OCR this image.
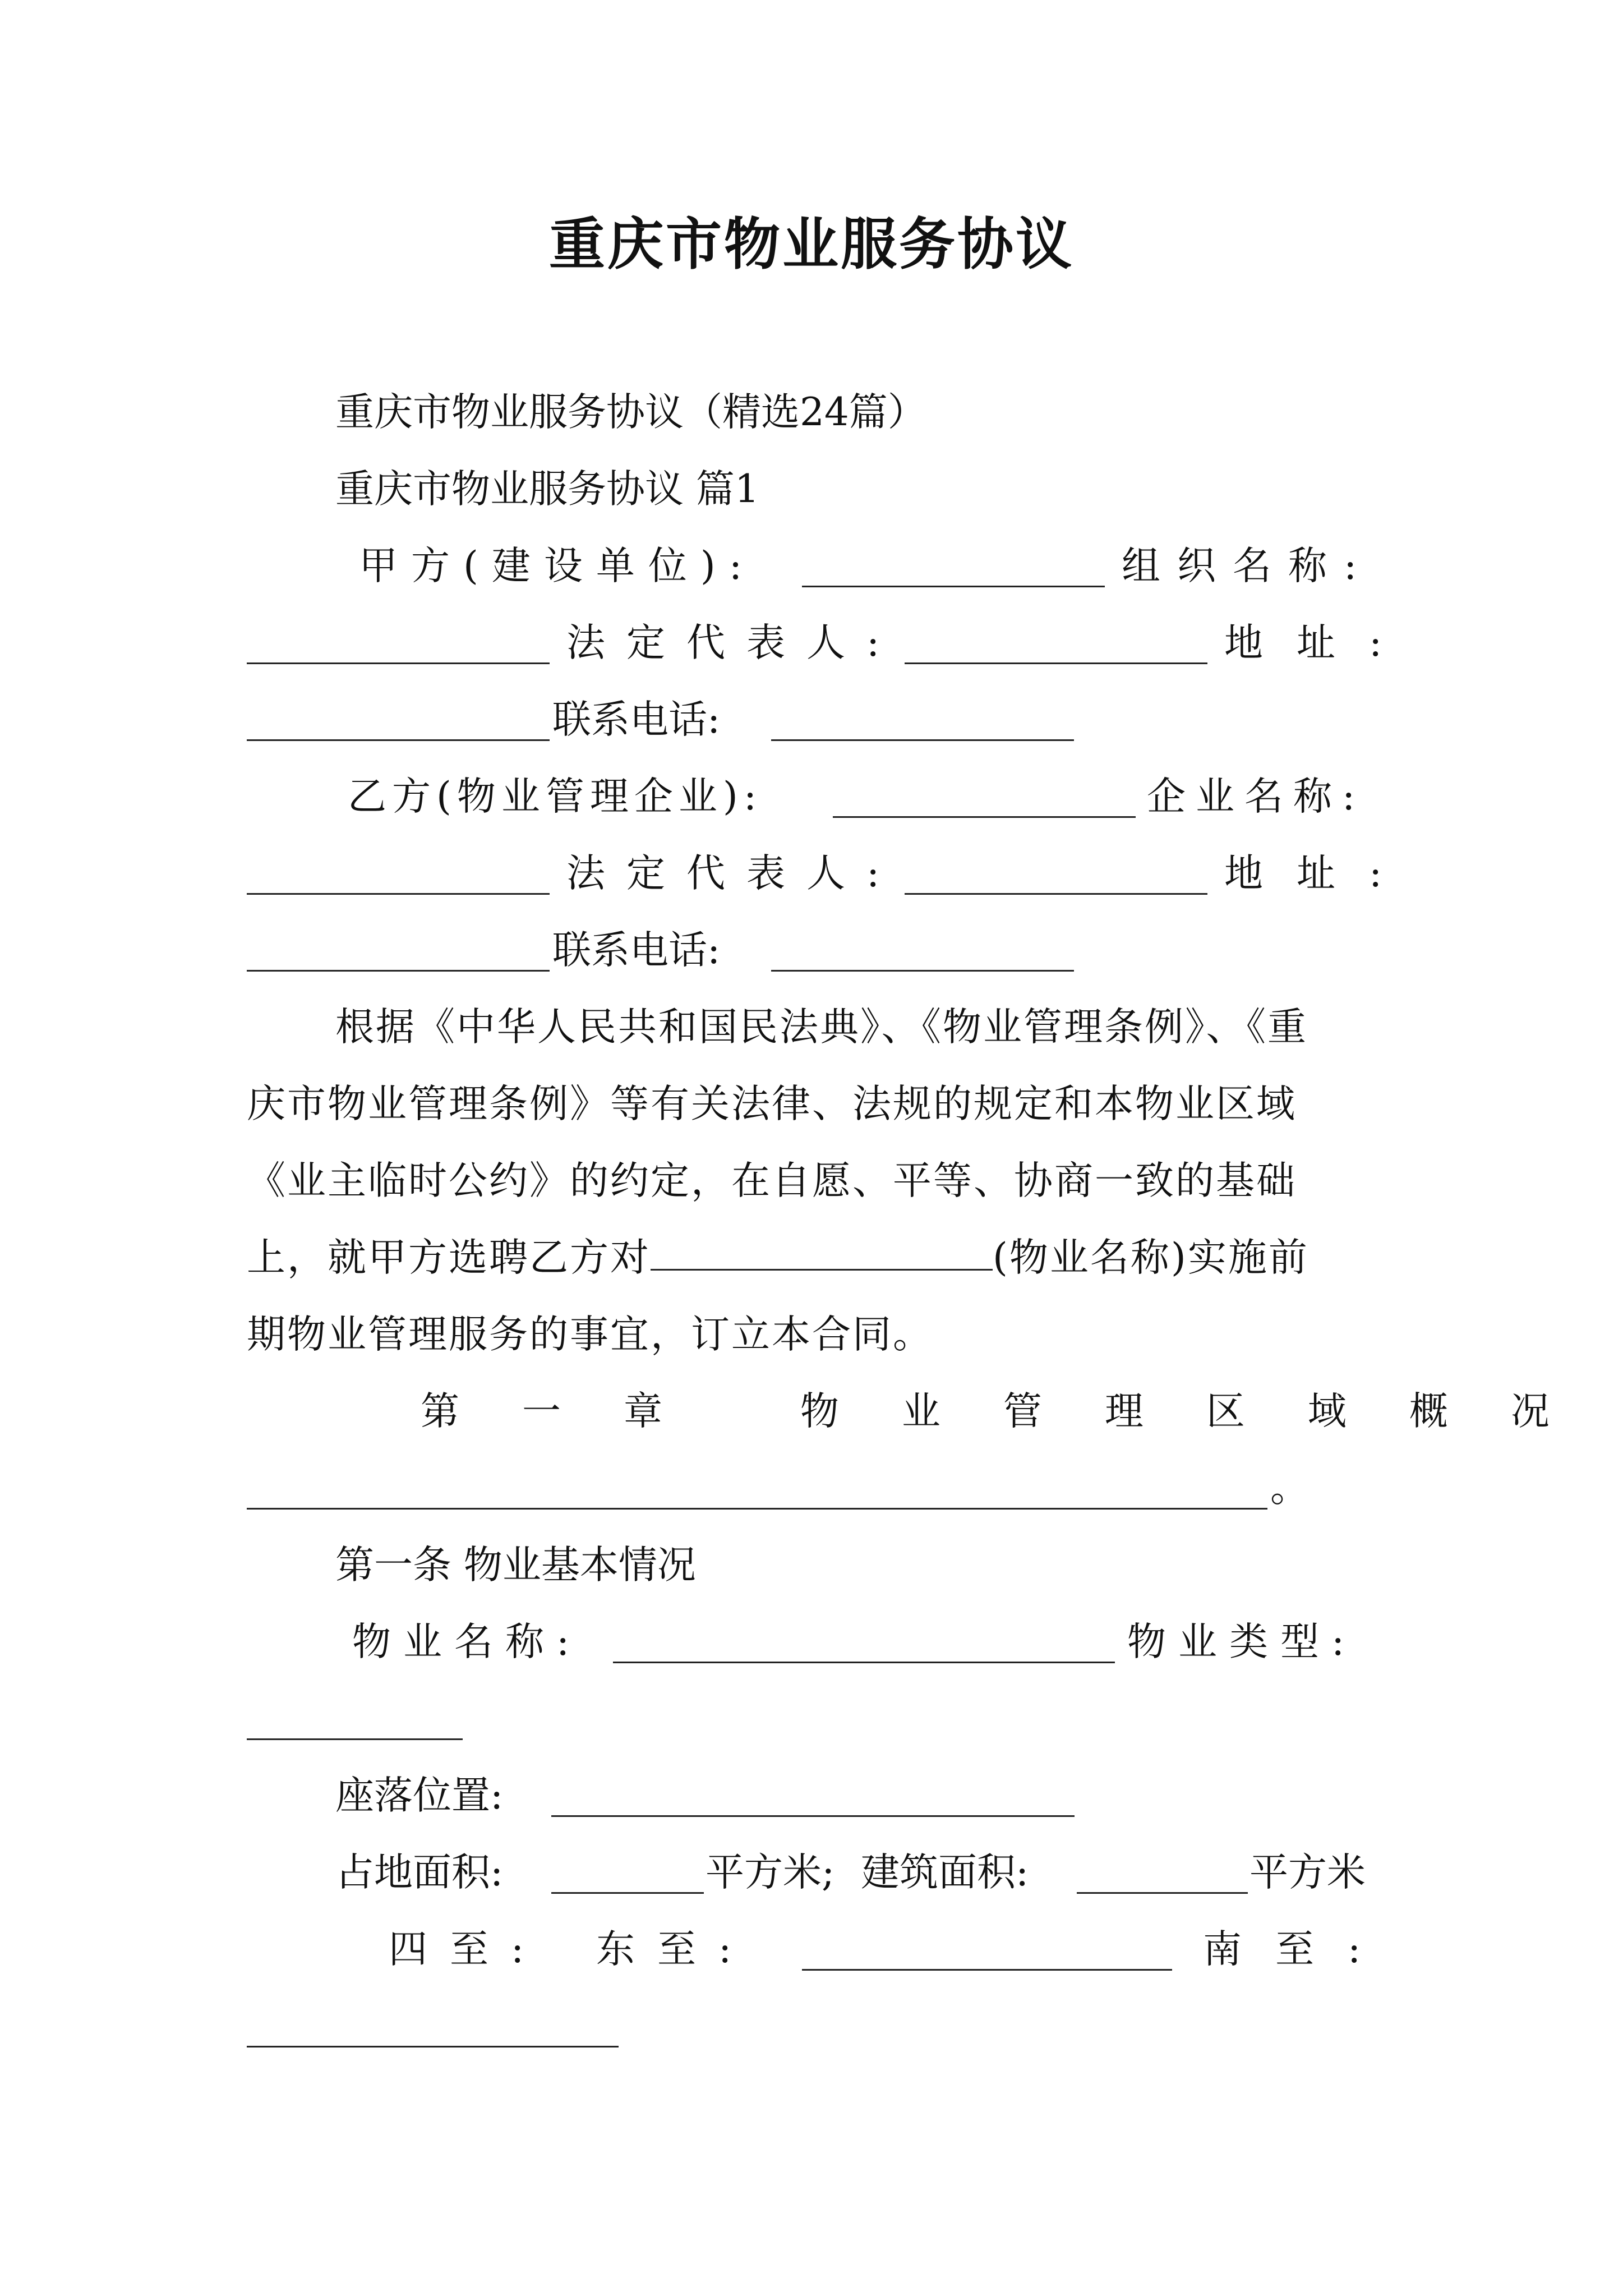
重庆市物业服务协议
重庆市物业服务协议（精选24篇）
重庆市物业服务协议 篇1
甲方(建设单位):	组织名称:
法定代表人:	地址:
联系电话:
乙方(物业管理企业):	企业名称:
法定代表人:	地址:
联系电话:
根据《中华人民共和国民法典》、《物业管理条例》、《重
庆市物业管理条例》等有关法律、法规的规定和本物业区域
《业主临时公约》的约定，在自愿、平等、协商一致的基础
上，就甲方选聘乙方对	(物业名称)实施前
期物业管理服务的事宜，订立本合同。
第一章 物业管理区域概况
。
第一条 物业基本情况
物业名称:	物业类型:
座落位置:
占地面积:	平方米; 建筑面积:	平方米
四至: 东至:	南至:
